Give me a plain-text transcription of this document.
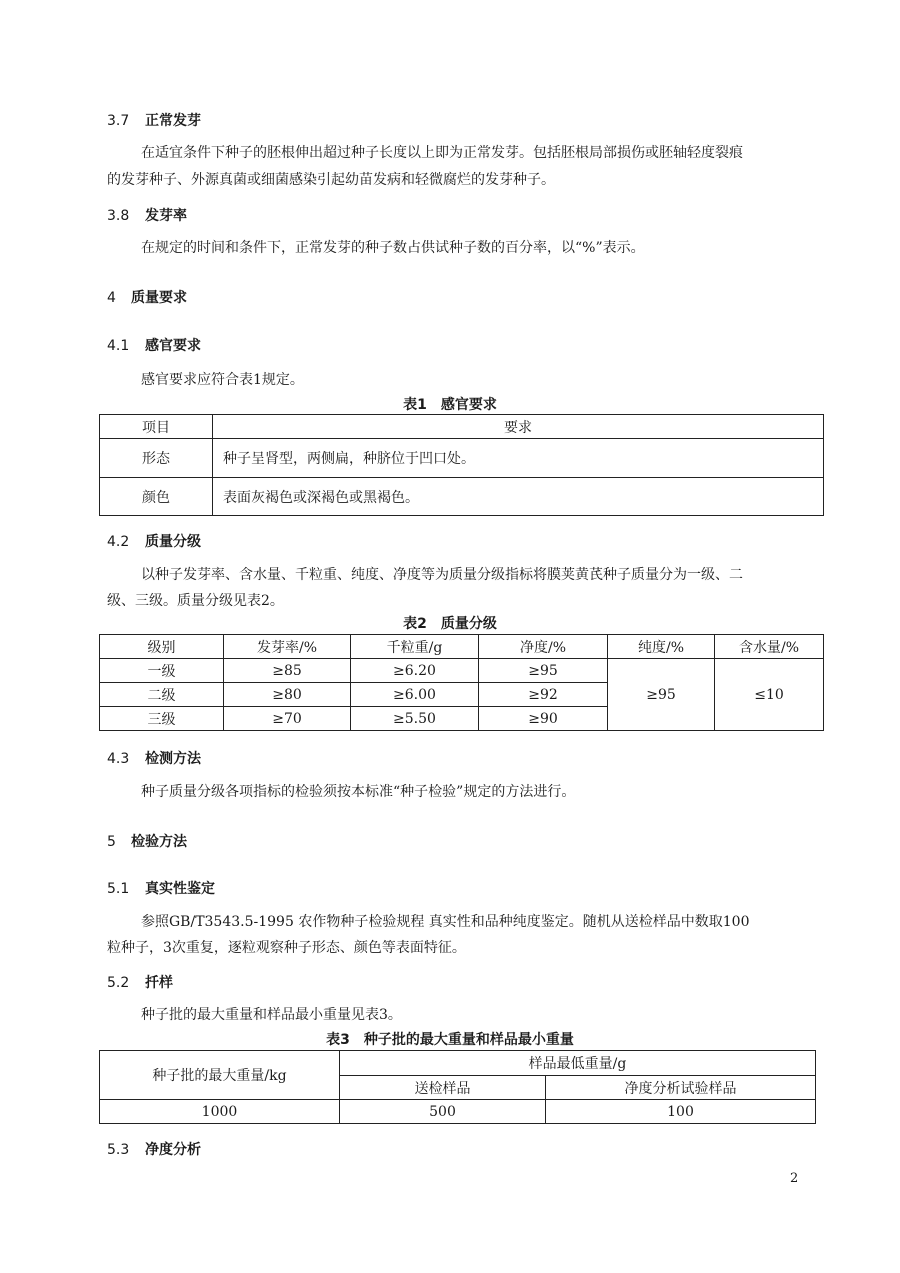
3.7 正常发芽
在适宜条件下种子的胚根伸出超过种子长度以上即为正常发芽。包括胚根局部损伤或胚轴轻度裂痕
的发芽种子、外源真菌或细菌感染引起幼苗发病和轻微腐烂的发芽种子。
3.8 发芽率
在规定的时间和条件下，正常发芽的种子数占供试种子数的百分率，以“%”表示。
4 质量要求
4.1 感官要求
感官要求应符合表1规定。
表1　感官要求
项目	要求
形态	种子呈肾型，两侧扁，种脐位于凹口处。
颜色	表面灰褐色或深褐色或黑褐色。
4.2 质量分级
以种子发芽率、含水量、千粒重、纯度、净度等为质量分级指标将膜荚黄芪种子质量分为一级、二
级、三级。质量分级见表2。
表2　质量分级
级别	发芽率/%	千粒重/g	净度/%	纯度/%	含水量/%
一级	≥85	≥6.20	≥95	≥95	≤10
二级	≥80	≥6.00	≥92		
三级	≥70	≥5.50	≥90		
4.3 检测方法
种子质量分级各项指标的检验须按本标准“种子检验”规定的方法进行。
5 检验方法
5.1 真实性鉴定
参照GB/T3543.5-1995 农作物种子检验规程 真实性和品种纯度鉴定。随机从送检样品中数取100
粒种子，3次重复，逐粒观察种子形态、颜色等表面特征。
5.2 扦样
种子批的最大重量和样品最小重量见表3。
表3　种子批的最大重量和样品最小重量
种子批的最大重量/kg	样品最低重量/g	
	送检样品	净度分析试验样品
1000	500	100
5.3 净度分析
2
